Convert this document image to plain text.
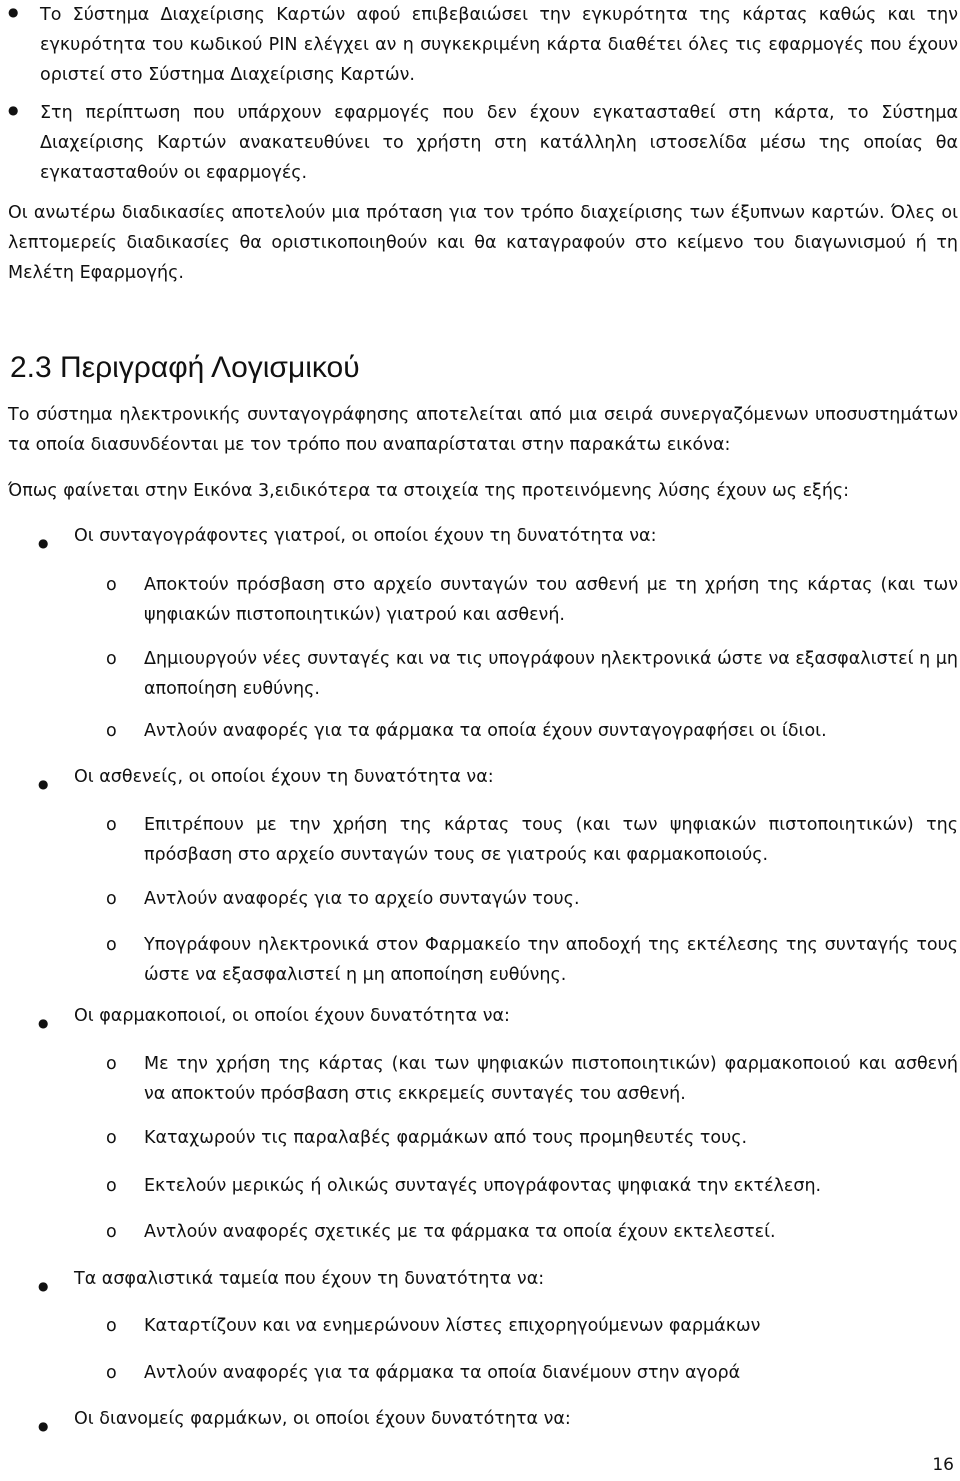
● Το Σύστημα Διαχείρισης Καρτών αφού επιβεβαιώσει την εγκυρότητα της κάρτας καθώς και την εγκυρότητα του κωδικού PIN ελέγχει αν η συγκεκριμένη κάρτα διαθέτει όλες τις εφαρμογές που έχουν οριστεί στο Σύστημα Διαχείρισης Καρτών.
● Στη περίπτωση που υπάρχουν εφαρμογές που δεν έχουν εγκατασταθεί στη κάρτα, το Σύστημα Διαχείρισης Καρτών ανακατευθύνει το χρήστη στη κατάλληλη ιστοσελίδα μέσω της οποίας θα εγκατασταθούν οι εφαρμογές.
Οι ανωτέρω διαδικασίες αποτελούν μια πρόταση για τον τρόπο διαχείρισης των έξυπνων καρτών. Όλες οι λεπτομερείς διαδικασίες θα οριστικοποιηθούν και θα καταγραφούν στο κείμενο του διαγωνισμού ή τη Μελέτη Εφαρμογής.
2.3 Περιγραφή Λογισμικού
Το σύστημα ηλεκτρονικής συνταγογράφησης αποτελείται από μια σειρά συνεργαζόμενων υποσυστημάτων τα οποία διασυνδέονται με τον τρόπο που αναπαρίσταται στην παρακάτω εικόνα:
Όπως φαίνεται στην Εικόνα 3,ειδικότερα τα στοιχεία της προτεινόμενης λύσης έχουν ως εξής:
● Οι συνταγογράφοντες γιατροί, οι οποίοι έχουν τη δυνατότητα να:
o Αποκτούν πρόσβαση στο αρχείο συνταγών του ασθενή με τη χρήση της κάρτας (και των ψηφιακών πιστοποιητικών) γιατρού και ασθενή.
o Δημιουργούν νέες συνταγές και να τις υπογράφουν ηλεκτρονικά ώστε να εξασφαλιστεί η μη αποποίηση ευθύνης.
o Αντλούν αναφορές για τα φάρμακα τα οποία έχουν συνταγογραφήσει οι ίδιοι.
● Οι ασθενείς, οι οποίοι έχουν τη δυνατότητα να:
o Επιτρέπουν με την χρήση της κάρτας τους (και των ψηφιακών πιστοποιητικών) της πρόσβαση στο αρχείο συνταγών τους σε γιατρούς και φαρμακοποιούς.
o Αντλούν αναφορές για το αρχείο συνταγών τους.
o Υπογράφουν ηλεκτρονικά στον Φαρμακείο την αποδοχή της εκτέλεσης της συνταγής τους ώστε να εξασφαλιστεί η μη αποποίηση ευθύνης.
● Οι φαρμακοποιοί, οι οποίοι έχουν δυνατότητα να:
o Με την χρήση της κάρτας (και των ψηφιακών πιστοποιητικών) φαρμακοποιού και ασθενή να αποκτούν πρόσβαση στις εκκρεμείς συνταγές του ασθενή.
o Καταχωρούν τις παραλαβές φαρμάκων από τους προμηθευτές τους.
o Εκτελούν μερικώς ή ολικώς συνταγές υπογράφοντας ψηφιακά την εκτέλεση.
o Αντλούν αναφορές σχετικές με τα φάρμακα τα οποία έχουν εκτελεστεί.
● Τα ασφαλιστικά ταμεία που έχουν τη δυνατότητα να:
o Καταρτίζουν και να ενημερώνουν λίστες επιχορηγούμενων φαρμάκων
o Αντλούν αναφορές για τα φάρμακα τα οποία διανέμουν στην αγορά
● Οι διανομείς φαρμάκων, οι οποίοι έχουν δυνατότητα να:
16
